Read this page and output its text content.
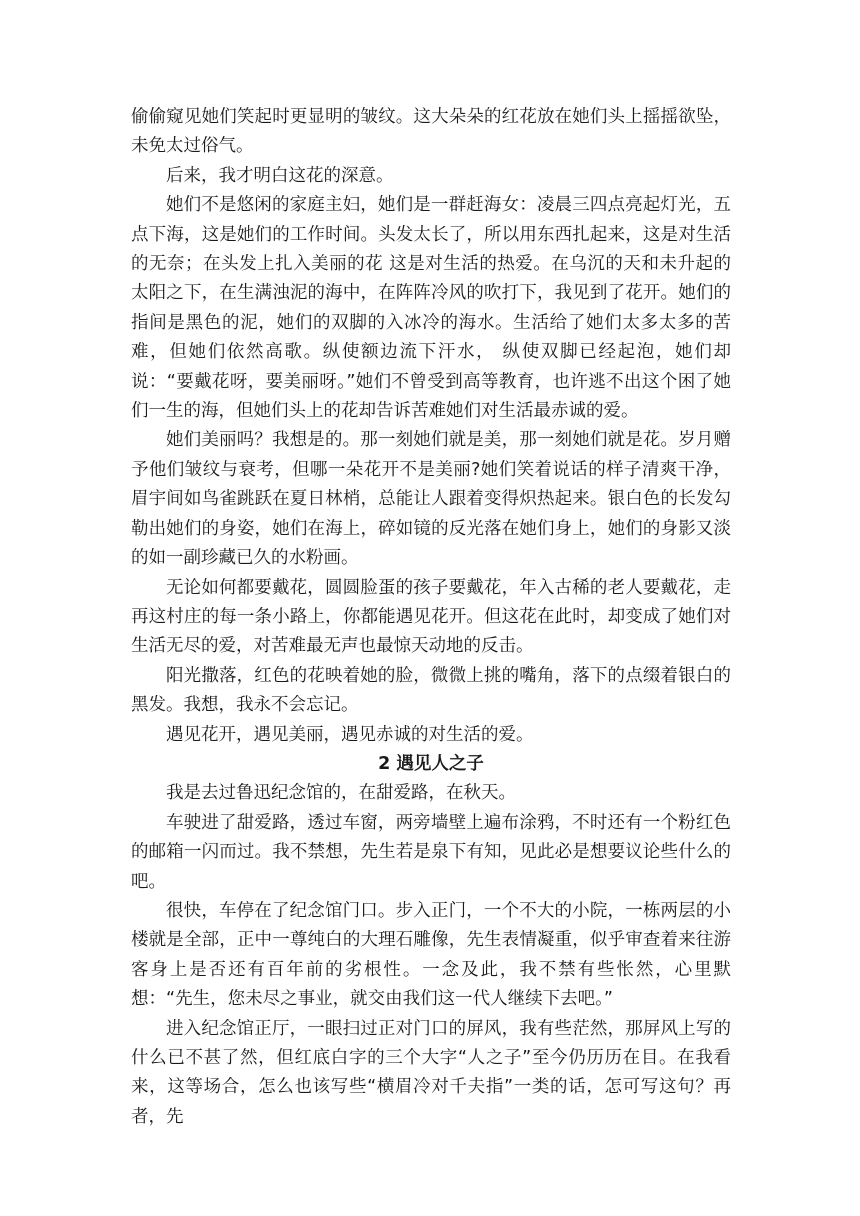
偷偷窥见她们笑起时更显明的皱纹。这大朵朵的红花放在她们头上摇摇欲坠，未免太过俗气。

后来，我才明白这花的深意。

她们不是悠闲的家庭主妇，她们是一群赶海女：凌晨三四点亮起灯光，五点下海，这是她们的工作时间。头发太长了，所以用东西扎起来，这是对生活的无奈；在头发上扎入美丽的花 这是对生活的热爱。在乌沉的天和未升起的太阳之下，在生满浊泥的海中，在阵阵冷风的吹打下，我见到了花开。她们的指间是黑色的泥，她们的双脚的入冰冷的海水。生活给了她们太多太多的苦难，但她们依然高歌。纵使额边流下汗水， 纵使双脚已经起泡，她们却说：“要戴花呀，要美丽呀。”她们不曾受到高等教育，也许逃不出这个困了她们一生的海，但她们头上的花却告诉苦难她们对生活最赤诚的爱。

她们美丽吗？我想是的。那一刻她们就是美，那一刻她们就是花。岁月赠予他们皱纹与衰考，但哪一朵花开不是美丽?她们笑着说话的样子清爽干净，眉宇间如鸟雀跳跃在夏日林梢，总能让人跟着变得炽热起来。银白色的长发勾勒出她们的身姿，她们在海上，碎如镜的反光落在她们身上，她们的身影又淡的如一副珍藏已久的水粉画。

无论如何都要戴花，圆圆脸蛋的孩子要戴花，年入古稀的老人要戴花，走再这村庄的每一条小路上，你都能遇见花开。但这花在此时，却变成了她们对生活无尽的爱，对苦难最无声也最惊天动地的反击。

阳光撒落，红色的花映着她的脸，微微上挑的嘴角，落下的点缀着银白的黑发。我想，我永不会忘记。

遇见花开，遇见美丽，遇见赤诚的对生活的爱。

2 遇见人之子

我是去过鲁迅纪念馆的，在甜爱路，在秋天。

车驶进了甜爱路，透过车窗，两旁墙壁上遍布涂鸦，不时还有一个粉红色的邮箱一闪而过。我不禁想，先生若是泉下有知，见此必是想要议论些什么的吧。

很快，车停在了纪念馆门口。步入正门，一个不大的小院，一栋两层的小楼就是全部，正中一尊纯白的大理石雕像，先生表情凝重，似乎审查着来往游客身上是否还有百年前的劣根性。一念及此，我不禁有些怅然，心里默想：“先生，您未尽之事业，就交由我们这一代人继续下去吧。”

进入纪念馆正厅，一眼扫过正对门口的屏风，我有些茫然，那屏风上写的什么已不甚了然，但红底白字的三个大字“人之子”至今仍历历在目。在我看来，这等场合，怎么也该写些“横眉冷对千夫指”一类的话，怎可写这句？再者，先
